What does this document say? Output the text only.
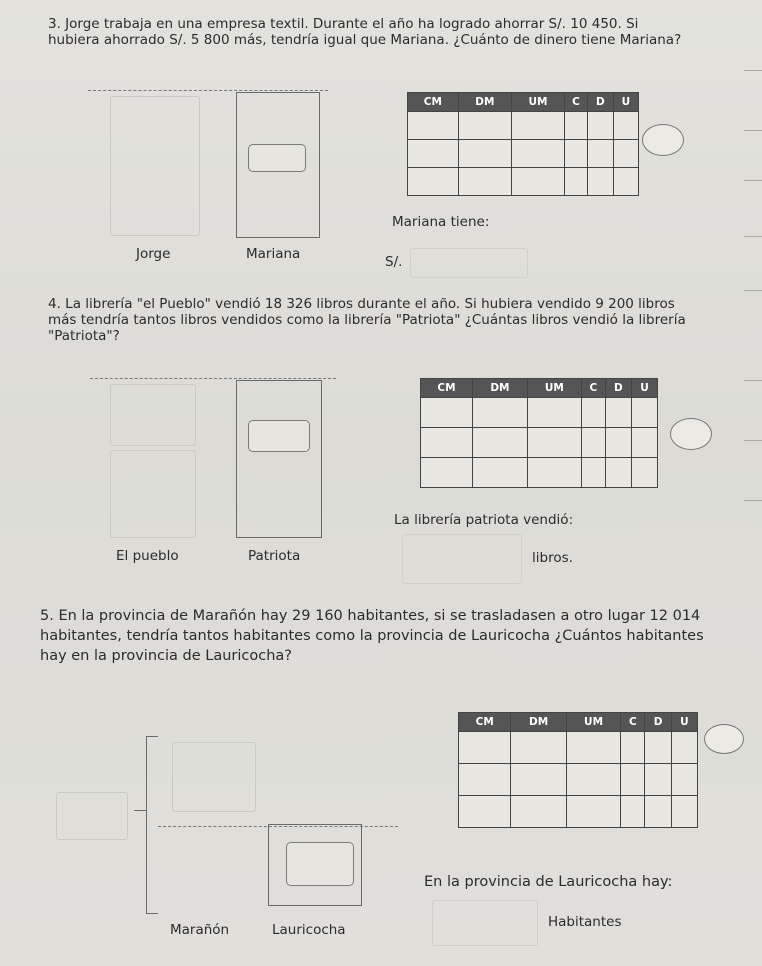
3. Jorge trabaja en una empresa textil. Durante el año ha logrado ahorrar S/. 10 450. Si hubiera ahorrado S/. 5 800 más, tendría igual que Mariana. ¿Cuánto de dinero tiene Mariana?

Jorge	Mariana
CM	DM	UM	C	D	U

Mariana tiene:
S/.

4. La librería "el Pueblo" vendió 18 326 libros durante el año. Si hubiera vendido 9 200 libros más tendría tantos libros vendidos como la librería "Patriota" ¿Cuántas libros vendió la librería "Patriota"?

El pueblo	Patriota
CM	DM	UM	C	D	U

La librería patriota vendió:
libros.

5. En la provincia de Marañón hay 29 160 habitantes, si se trasladasen a otro lugar 12 014 habitantes, tendría tantos habitantes como la provincia de Lauricocha ¿Cuántos habitantes hay en la provincia de Lauricocha?

Marañón	Lauricocha
CM	DM	UM	C	D	U

En la provincia de Lauricocha hay:
Habitantes
